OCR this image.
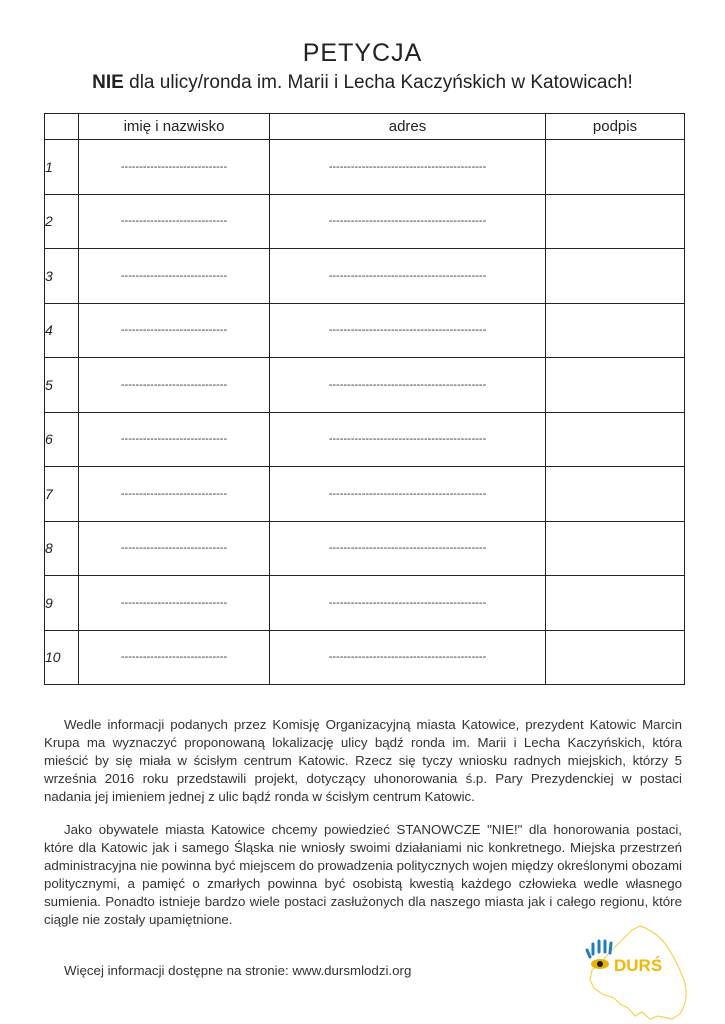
PETYCJA
NIE dla ulicy/ronda im. Marii i Lecha Kaczyńskich w Katowicach!
	imię i nazwisko	adres	podpis
1	-----------------------------	-------------------------------------------	
2	-----------------------------	-------------------------------------------	
3	-----------------------------	-------------------------------------------	
4	-----------------------------	-------------------------------------------	
5	-----------------------------	-------------------------------------------	
6	-----------------------------	-------------------------------------------	
7	-----------------------------	-------------------------------------------	
8	-----------------------------	-------------------------------------------	
9	-----------------------------	-------------------------------------------	
10	-----------------------------	-------------------------------------------	

Wedle informacji podanych przez Komisję Organizacyjną miasta Katowice, prezydent Katowic Marcin Krupa ma wyznaczyć proponowaną lokalizację ulicy bądź ronda im. Marii i Lecha Kaczyńskich, która mieścić by się miała w ścisłym centrum Katowic. Rzecz się tyczy wniosku radnych miejskich, którzy 5 września 2016 roku przedstawili projekt, dotyczący uhonorowania ś.p. Pary Prezydenckiej w postaci nadania jej imieniem jednej z ulic bądź ronda w ścisłym centrum Katowic.

Jako obywatele miasta Katowice chcemy powiedzieć STANOWCZE "NIE!" dla honorowania postaci, które dla Katowic jak i samego Śląska nie wniosły swoimi działaniami nic konkretnego. Miejska przestrzeń administracyjna nie powinna być miejscem do prowadzenia politycznych wojen między określonymi obozami politycznymi, a pamięć o zmarłych powinna być osobistą kwestią każdego człowieka wedle własnego sumienia. Ponadto istnieje bardzo wiele postaci zasłużonych dla naszego miasta jak i całego regionu, które ciągle nie zostały upamiętnione.

Więcej informacji dostępne na stronie: www.dursmlodzi.org	DURŚ
